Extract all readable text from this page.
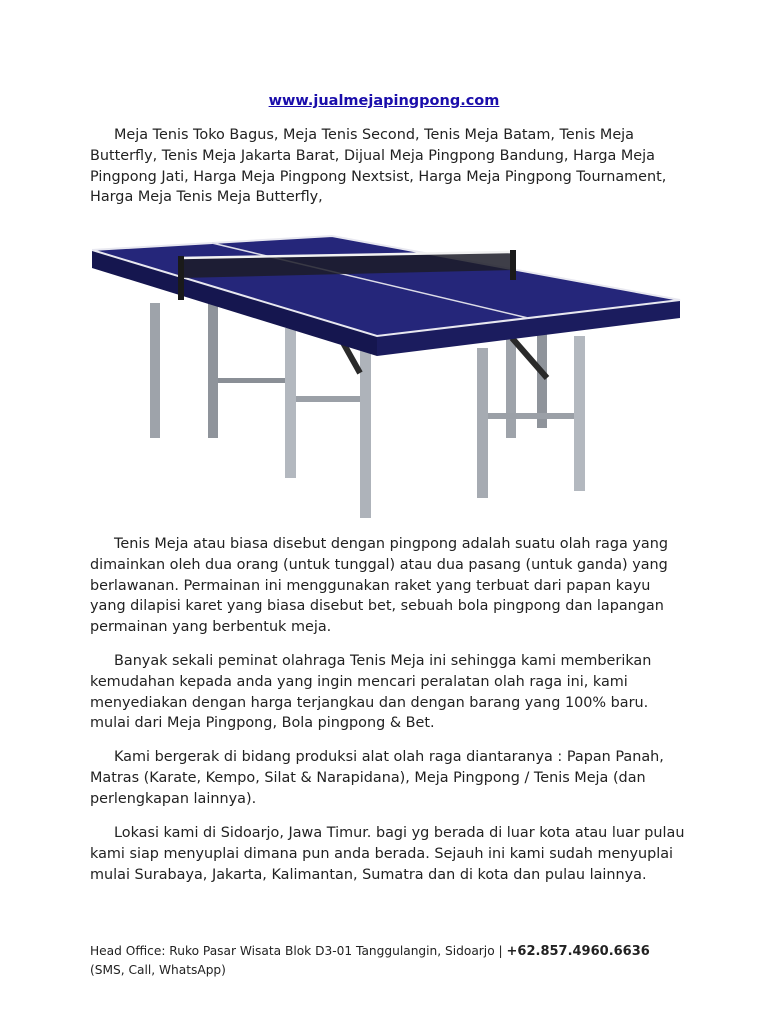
www.jualmejapingpong.com

Meja Tenis Toko Bagus, Meja Tenis Second, Tenis Meja Batam, Tenis Meja Butterfly, Tenis Meja Jakarta Barat, Dijual Meja Pingpong Bandung, Harga Meja Pingpong Jati, Harga Meja Pingpong Nextsist, Harga Meja Pingpong Tournament, Harga Meja Tenis Meja Butterfly,

Tenis Meja atau biasa disebut dengan pingpong adalah suatu olah raga yang dimainkan oleh dua orang (untuk tunggal) atau dua pasang (untuk ganda) yang berlawanan. Permainan ini menggunakan raket yang terbuat dari papan kayu yang dilapisi karet yang biasa disebut bet, sebuah bola pingpong dan lapangan permainan yang berbentuk meja.

Banyak sekali peminat olahraga Tenis Meja ini sehingga kami memberikan kemudahan kepada anda yang ingin mencari peralatan olah raga ini, kami menyediakan dengan harga terjangkau dan dengan barang yang 100% baru. mulai dari Meja Pingpong, Bola pingpong & Bet.

Kami bergerak di bidang produksi alat olah raga diantaranya : Papan Panah, Matras (Karate, Kempo, Silat & Narapidana), Meja Pingpong / Tenis Meja (dan perlengkapan lainnya).

Lokasi kami di Sidoarjo, Jawa Timur. bagi yg berada di luar kota atau luar pulau kami siap menyuplai dimana pun anda berada. Sejauh ini kami sudah menyuplai mulai Surabaya, Jakarta, Kalimantan, Sumatra dan di kota dan pulau lainnya.

Head Office: Ruko Pasar Wisata Blok D3-01 Tanggulangin, Sidoarjo | +62.857.4960.6636
(SMS, Call, WhatsApp)
